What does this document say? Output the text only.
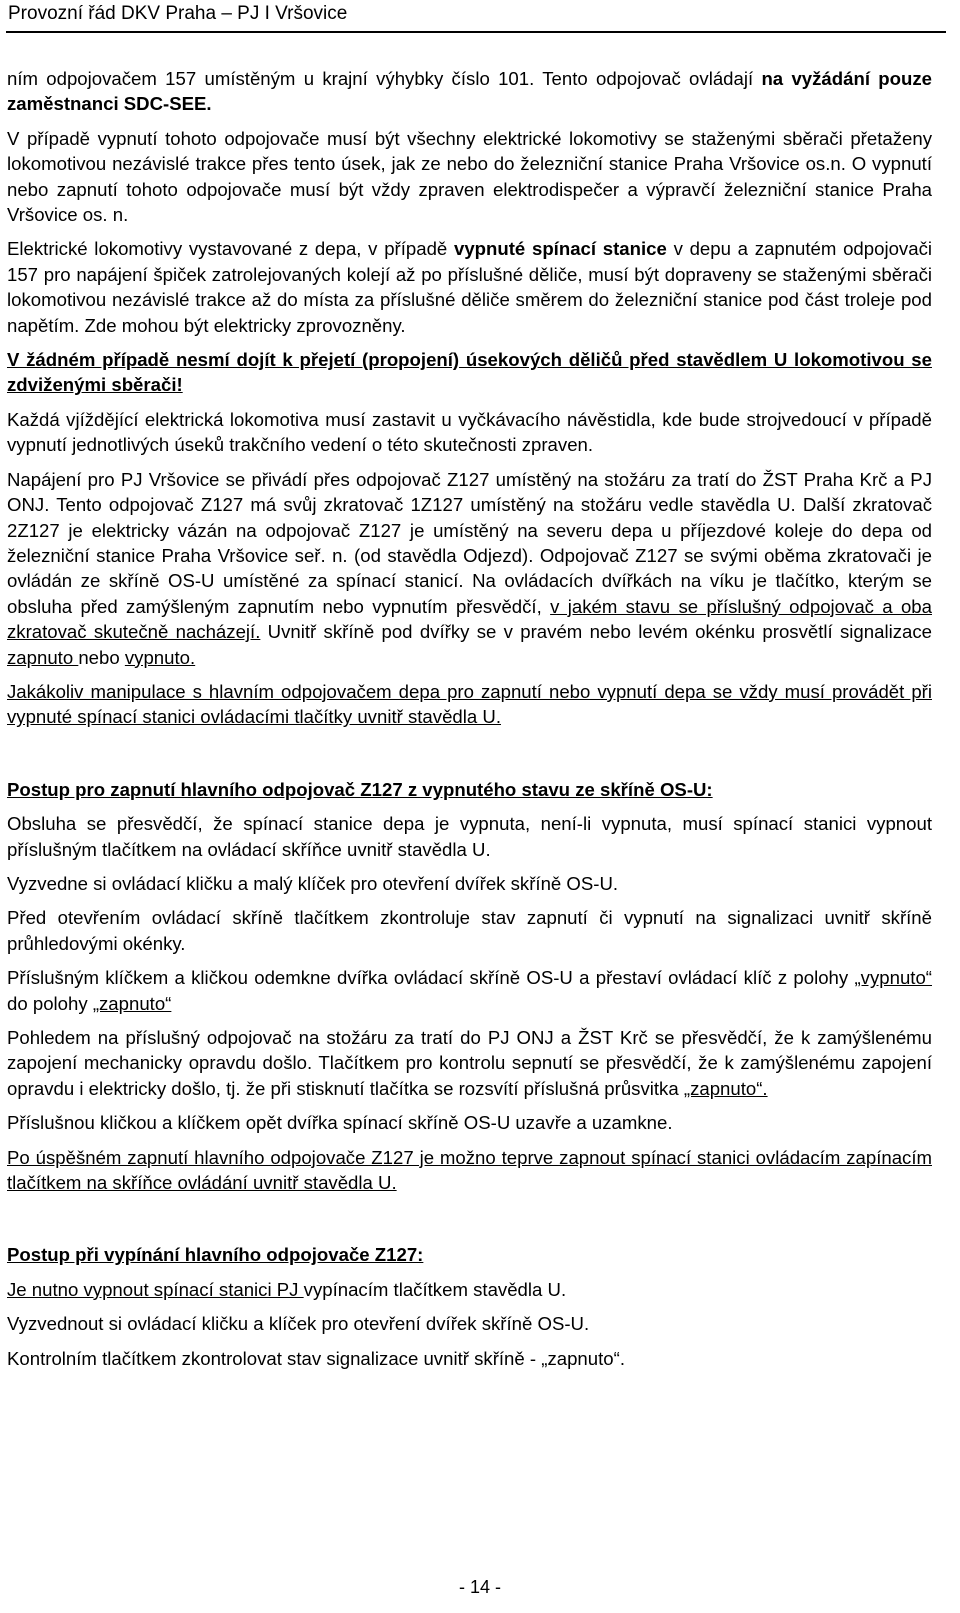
Provozní řád DKV Praha – PJ I Vršovice

ním odpojovačem 157 umístěným u krajní výhybky číslo 101. Tento odpojovač ovládají na vyžádání pouze zaměstnanci SDC-SEE.

V případě vypnutí tohoto odpojovače musí být všechny elektrické lokomotivy se staženými sběrači přetaženy lokomotivou nezávislé trakce přes tento úsek, jak ze nebo do železniční stanice Praha Vršovice os.n. O vypnutí nebo zapnutí tohoto odpojovače musí být vždy zpraven elektrodispečer a výpravčí železniční stanice Praha Vršovice os. n.

Elektrické lokomotivy vystavované z depa, v případě vypnuté spínací stanice v depu a zapnutém odpojovači 157 pro napájení špiček zatrolejovaných kolejí až po příslušné děliče, musí být dopraveny se staženými sběrači lokomotivou nezávislé trakce až do místa za příslušné děliče směrem do železniční stanice pod část troleje pod napětím. Zde mohou být elektricky zprovozněny.

V žádném případě nesmí dojít k přejetí (propojení) úsekových děličů před stavědlem U lokomotivou se zdviženými sběrači!

Každá vjíždějící elektrická lokomotiva musí zastavit u vyčkávacího návěstidla, kde bude strojvedoucí v případě vypnutí jednotlivých úseků trakčního vedení o této skutečnosti zpraven.

Napájení pro PJ Vršovice se přivádí přes odpojovač Z127 umístěný na stožáru za tratí do ŽST Praha Krč a PJ ONJ. Tento odpojovač Z127 má svůj zkratovač 1Z127 umístěný na stožáru vedle stavědla U. Další zkratovač 2Z127 je elektricky vázán na odpojovač Z127 je umístěný na severu depa u příjezdové koleje do depa od železniční stanice Praha Vršovice seř. n. (od stavědla Odjezd). Odpojovač Z127 se svými oběma zkratovači je ovládán ze skříně OS-U umístěné za spínací stanicí. Na ovládacích dvířkách na víku je tlačítko, kterým se obsluha před zamýšleným zapnutím nebo vypnutím přesvědčí, v jakém stavu se příslušný odpojovač a oba zkratovač skutečně nacházejí. Uvnitř skříně pod dvířky se v pravém nebo levém okénku prosvětlí signalizace zapnuto nebo vypnuto.

Jakákoliv manipulace s hlavním odpojovačem depa pro zapnutí nebo vypnutí depa se vždy musí provádět při vypnuté spínací stanici ovládacími tlačítky uvnitř stavědla U.

Postup pro zapnutí hlavního odpojovač Z127 z vypnutého stavu ze skříně OS-U:

Obsluha se přesvědčí, že spínací stanice depa je vypnuta, není-li vypnuta, musí spínací stanici vypnout příslušným tlačítkem na ovládací skříňce uvnitř stavědla U.

Vyzvedne si ovládací kličku a malý klíček pro otevření dvířek skříně OS-U.

Před otevřením ovládací skříně tlačítkem zkontroluje stav zapnutí či vypnutí na signalizaci uvnitř skříně průhledovými okénky.

Příslušným klíčkem a kličkou odemkne dvířka ovládací skříně OS-U a přestaví ovládací klíč z polohy „vypnuto“ do polohy „zapnuto“

Pohledem na příslušný odpojovač na stožáru za tratí do PJ ONJ a ŽST Krč se přesvědčí, že k zamýšlenému zapojení mechanicky opravdu došlo. Tlačítkem pro kontrolu sepnutí se přesvědčí, že k zamýšlenému zapojení opravdu i elektricky došlo, tj. že při stisknutí tlačítka se rozsvítí příslušná průsvitka „zapnuto“.

Příslušnou kličkou a klíčkem opět dvířka spínací skříně OS-U uzavře a uzamkne.

Po úspěšném zapnutí hlavního odpojovače Z127 je možno teprve zapnout spínací stanici ovládacím zapínacím tlačítkem na skříňce ovládání uvnitř stavědla U.

Postup při vypínání hlavního odpojovače Z127:

Je nutno vypnout spínací stanici PJ vypínacím tlačítkem stavědla U.

Vyzvednout si ovládací kličku a klíček pro otevření dvířek skříně OS-U.

Kontrolním tlačítkem zkontrolovat stav signalizace uvnitř skříně - „zapnuto“.

- 14 -
